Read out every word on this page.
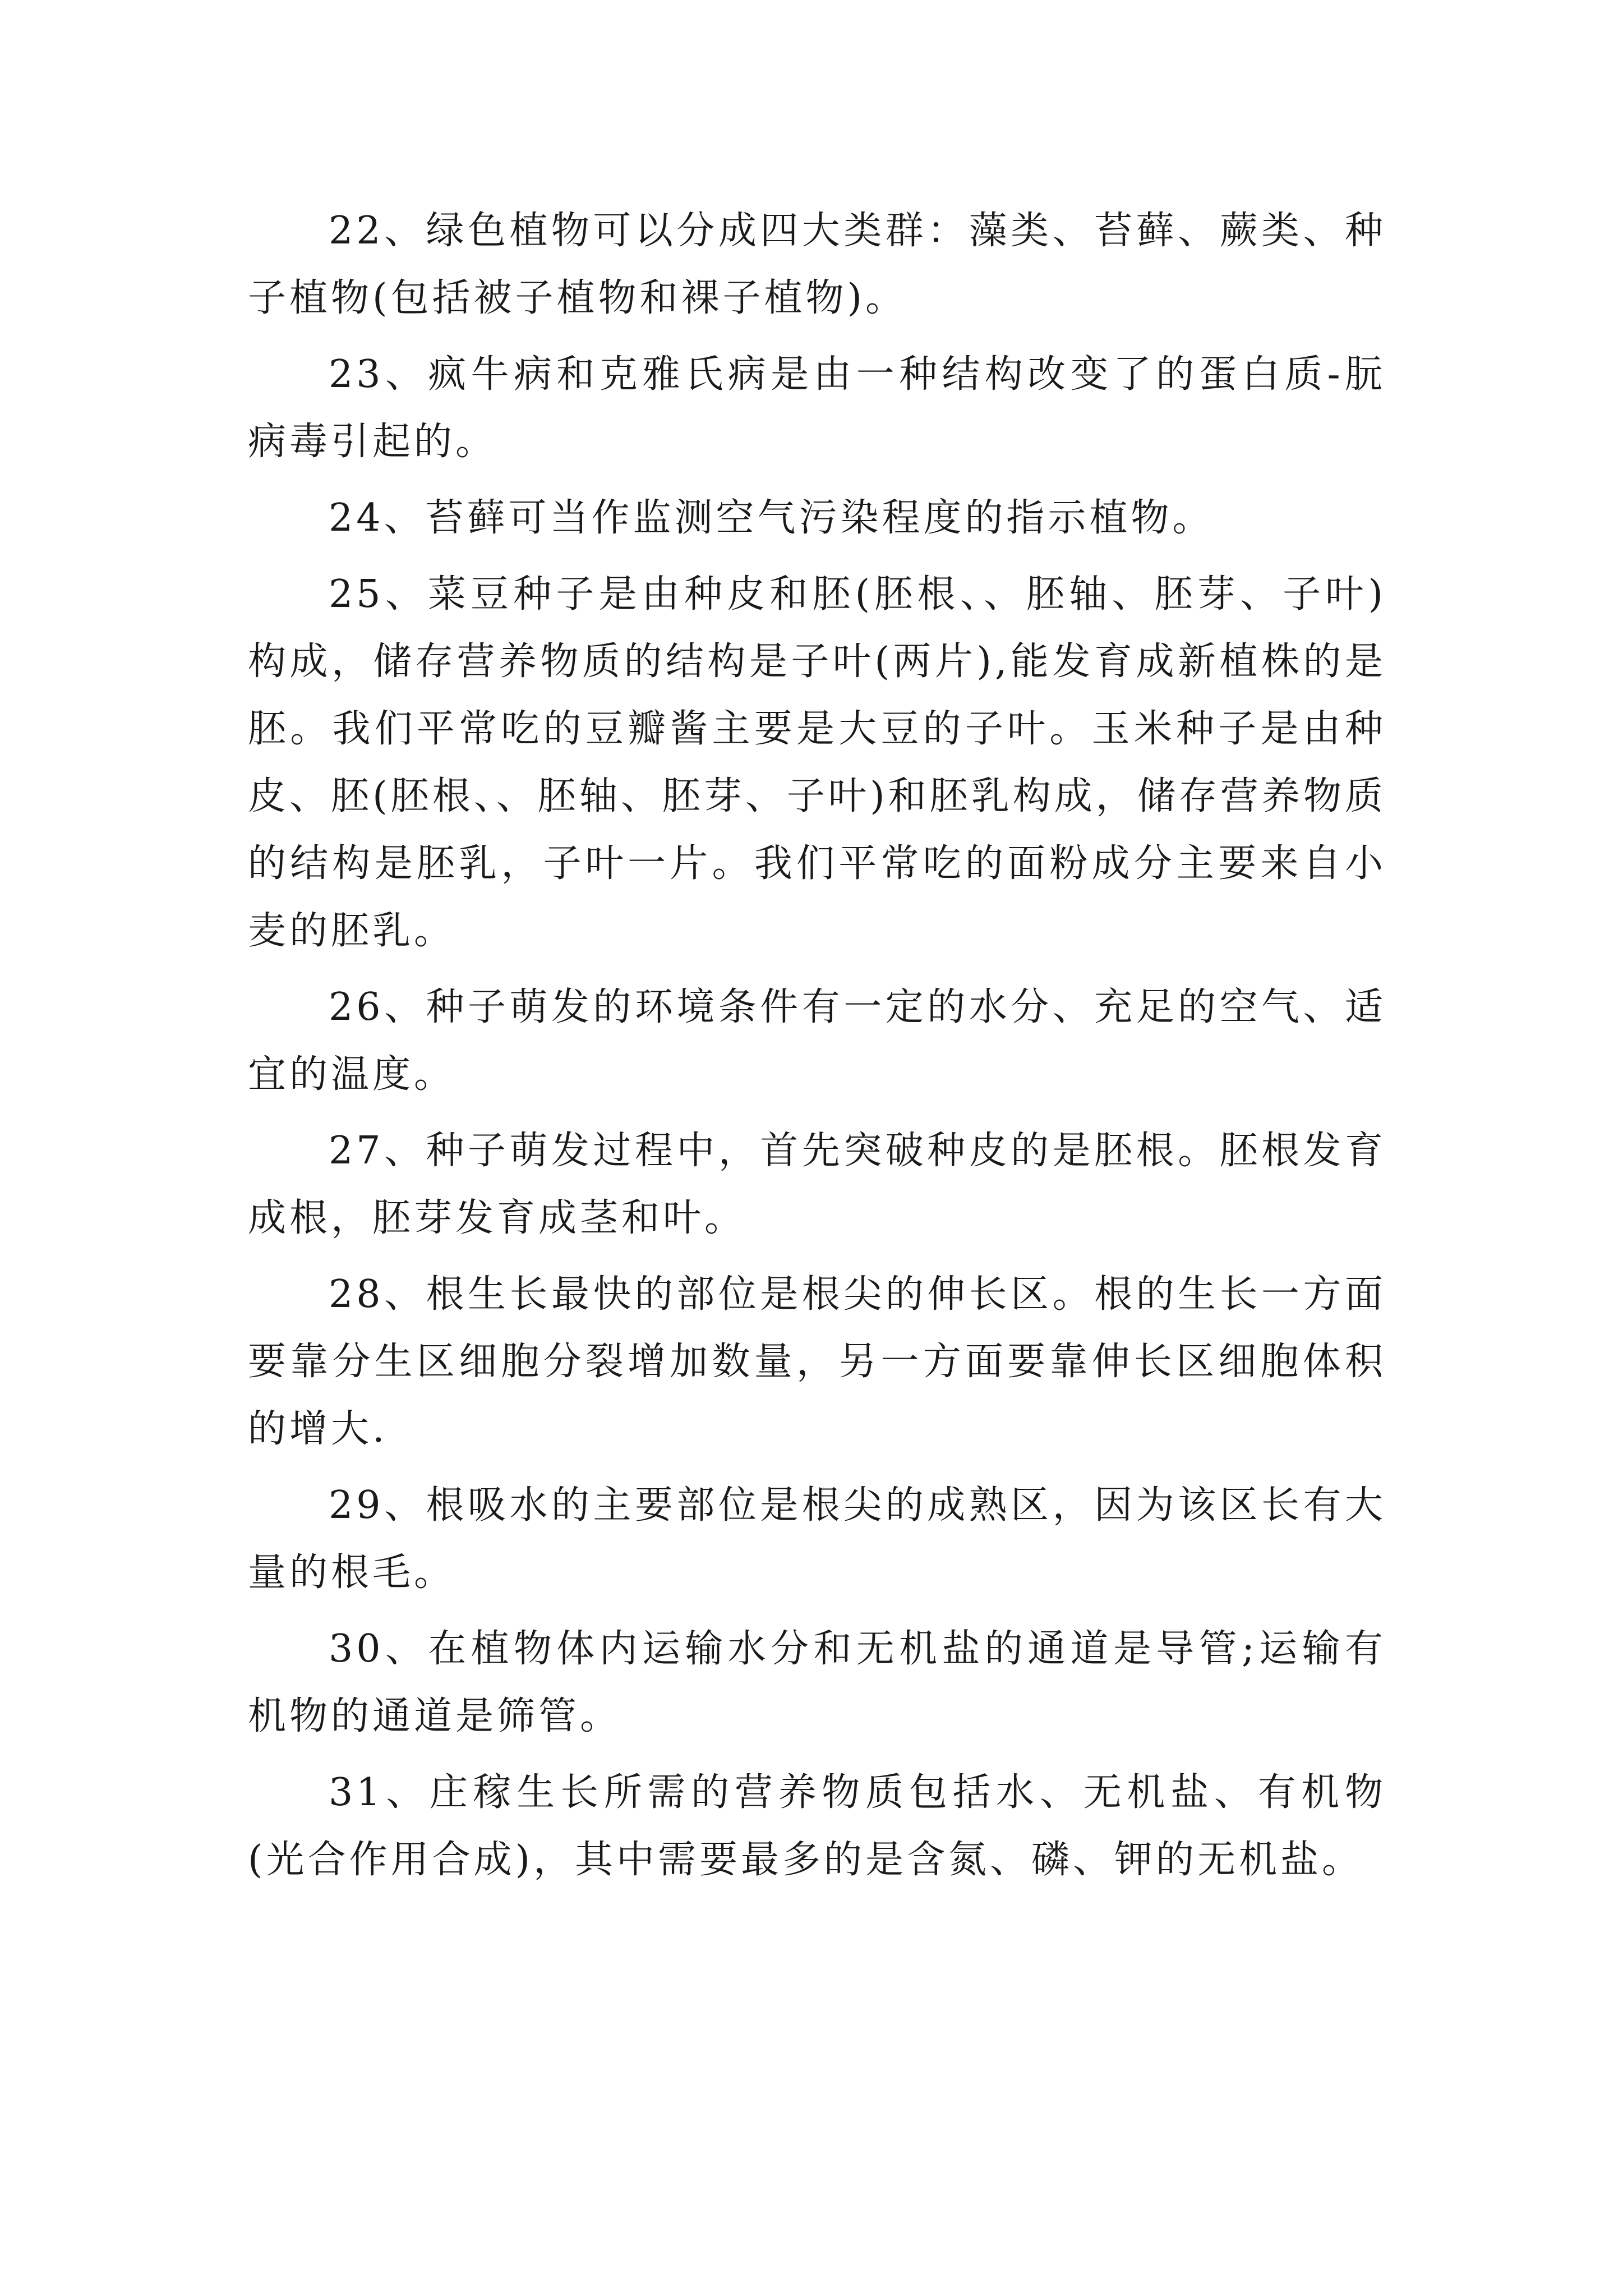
22、绿色植物可以分成四大类群：藻类、苔藓、蕨类、种子植物(包括被子植物和裸子植物)。

23、疯牛病和克雅氏病是由一种结构改变了的蛋白质-朊病毒引起的。

24、苔藓可当作监测空气污染程度的指示植物。

25、菜豆种子是由种皮和胚(胚根、、胚轴、胚芽、子叶)构成，储存营养物质的结构是子叶(两片),能发育成新植株的是胚。我们平常吃的豆瓣酱主要是大豆的子叶。玉米种子是由种皮、胚(胚根、、胚轴、胚芽、子叶)和胚乳构成，储存营养物质的结构是胚乳，子叶一片。我们平常吃的面粉成分主要来自小麦的胚乳。

26、种子萌发的环境条件有一定的水分、充足的空气、适宜的温度。

27、种子萌发过程中，首先突破种皮的是胚根。胚根发育成根，胚芽发育成茎和叶。

28、根生长最快的部位是根尖的伸长区。根的生长一方面要靠分生区细胞分裂增加数量，另一方面要靠伸长区细胞体积的增大.

29、根吸水的主要部位是根尖的成熟区，因为该区长有大量的根毛。

30、在植物体内运输水分和无机盐的通道是导管;运输有机物的通道是筛管。

31、庄稼生长所需的营养物质包括水、无机盐、有机物(光合作用合成)，其中需要最多的是含氮、磷、钾的无机盐。
